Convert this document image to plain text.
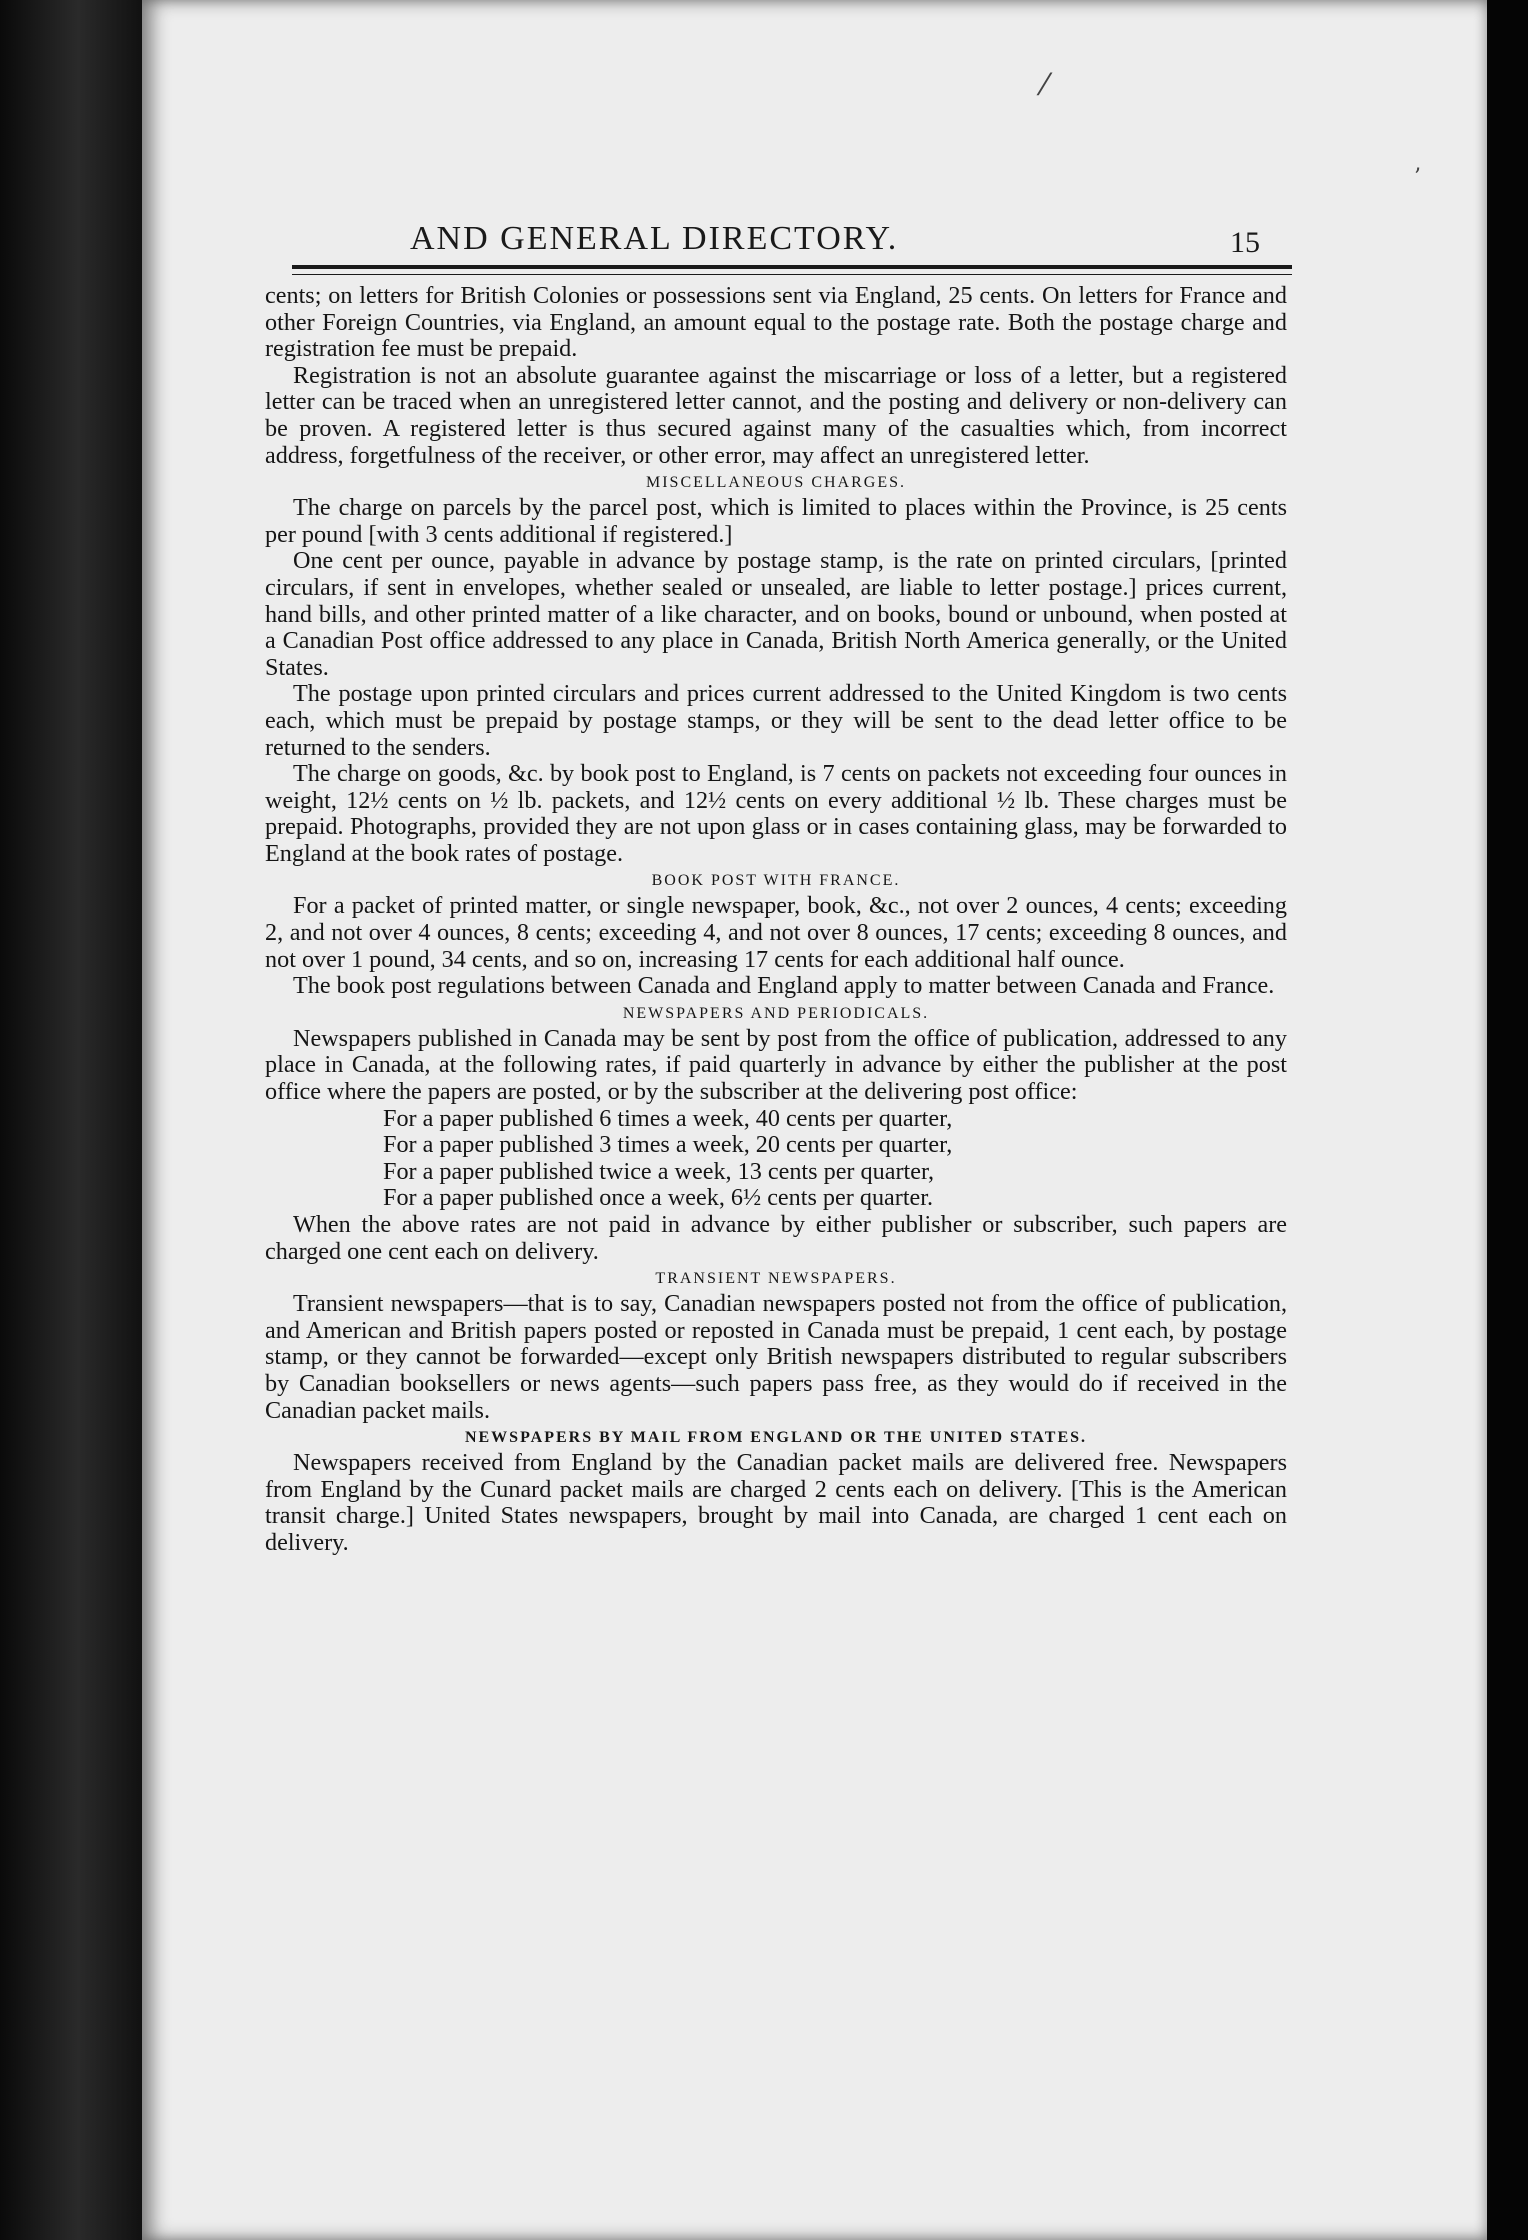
⁄
’
AND GENERAL DIRECTORY.	15

cents; on letters for British Colonies or possessions sent via England, 25 cents. On letters for France and other Foreign Countries, via England, an amount equal to the postage rate. Both the postage charge and registration fee must be prepaid.

Registration is not an absolute guarantee against the miscarriage or loss of a letter, but a registered letter can be traced when an unregistered letter cannot, and the posting and delivery or non-delivery can be proven. A registered letter is thus secured against many of the casualties which, from incorrect address, forgetfulness of the receiver, or other error, may affect an unregistered letter.

MISCELLANEOUS CHARGES.

The charge on parcels by the parcel post, which is limited to places within the Province, is 25 cents per pound [with 3 cents additional if registered.]

One cent per ounce, payable in advance by postage stamp, is the rate on printed circulars, [printed circulars, if sent in envelopes, whether sealed or unsealed, are liable to letter postage.] prices current, hand bills, and other printed matter of a like character, and on books, bound or unbound, when posted at a Canadian Post office addressed to any place in Canada, British North America generally, or the United States.

The postage upon printed circulars and prices current addressed to the United Kingdom is two cents each, which must be prepaid by postage stamps, or they will be sent to the dead letter office to be returned to the senders.

The charge on goods, &c. by book post to England, is 7 cents on packets not exceeding four ounces in weight, 12½ cents on ½ lb. packets, and 12½ cents on every additional ½ lb. These charges must be prepaid. Photographs, provided they are not upon glass or in cases containing glass, may be forwarded to England at the book rates of postage.

BOOK POST WITH FRANCE.

For a packet of printed matter, or single newspaper, book, &c., not over 2 ounces, 4 cents; exceeding 2, and not over 4 ounces, 8 cents; exceeding 4, and not over 8 ounces, 17 cents; exceeding 8 ounces, and not over 1 pound, 34 cents, and so on, increasing 17 cents for each additional half ounce.

The book post regulations between Canada and England apply to matter between Canada and France.

NEWSPAPERS AND PERIODICALS.

Newspapers published in Canada may be sent by post from the office of publication, addressed to any place in Canada, at the following rates, if paid quarterly in advance by either the publisher at the post office where the papers are posted, or by the subscriber at the delivering post office:

For a paper published 6 times a week, 40 cents per quarter,
For a paper published 3 times a week, 20 cents per quarter,
For a paper published twice a week, 13 cents per quarter,
For a paper published once a week, 6½ cents per quarter.

When the above rates are not paid in advance by either publisher or subscriber, such papers are charged one cent each on delivery.

TRANSIENT NEWSPAPERS.

Transient newspapers—that is to say, Canadian newspapers posted not from the office of publication, and American and British papers posted or reposted in Canada must be prepaid, 1 cent each, by postage stamp, or they cannot be forwarded—except only British newspapers distributed to regular subscribers by Canadian booksellers or news agents—such papers pass free, as they would do if received in the Canadian packet mails.

NEWSPAPERS BY MAIL FROM ENGLAND OR THE UNITED STATES.

Newspapers received from England by the Canadian packet mails are delivered free. Newspapers from England by the Cunard packet mails are charged 2 cents each on delivery. [This is the American transit charge.] United States newspapers, brought by mail into Canada, are charged 1 cent each on delivery.
